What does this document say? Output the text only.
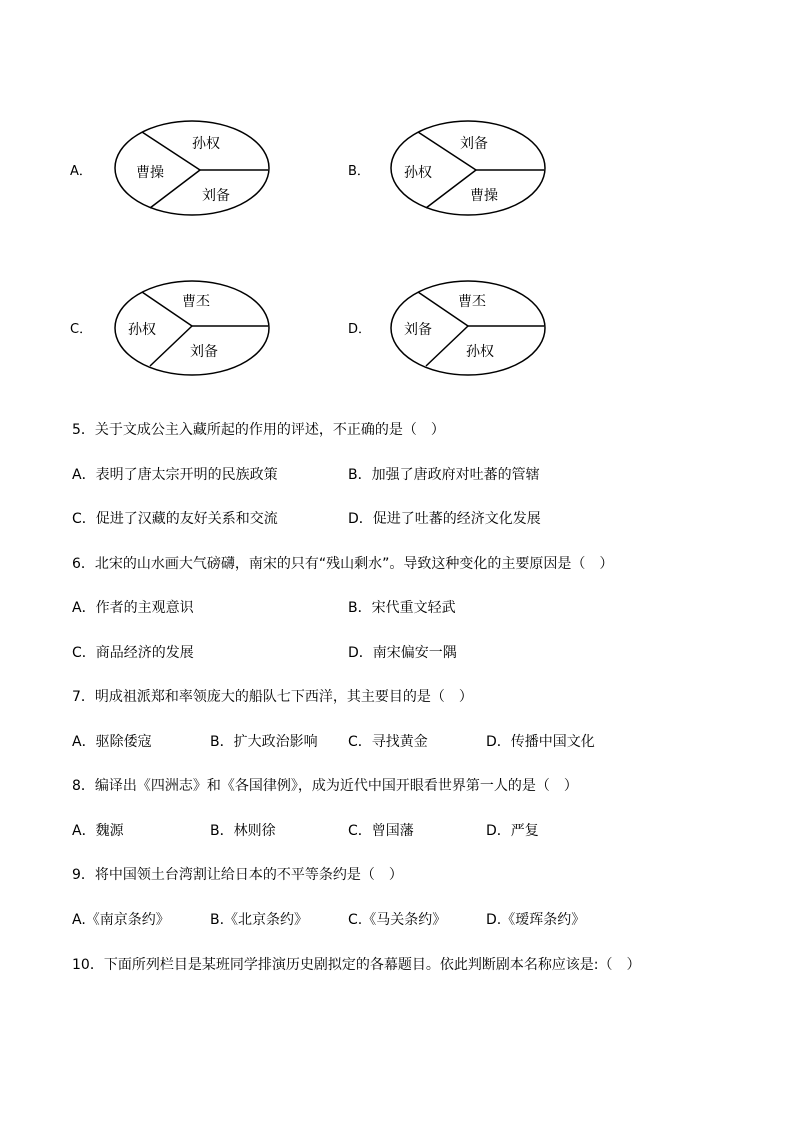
A．	曹操
孙权
刘备
B． 孙权
刘备
曹操
C．	孙权
曹丕
刘备
D． 刘备
曹丕
孙权
5．关于文成公主入藏所起的作用的评述，不正确的是（　）
A．表明了唐太宗开明的民族政策	B．加强了唐政府对吐蕃的管辖
C．促进了汉藏的友好关系和交流	D．促进了吐蕃的经济文化发展
6．北宋的山水画大气磅礴，南宋的只有“残山剩水”。导致这种变化的主要原因是（　）
A．作者的主观意识	B．宋代重文轻武
C．商品经济的发展	D．南宋偏安一隅
7．明成祖派郑和率领庞大的船队七下西洋，其主要目的是（　）
A．驱除倭寇	B．扩大政治影响 C．寻找黄金	D．传播中国文化
8．编译出《四洲志》和《各国律例》，成为近代中国开眼看世界第一人的是（　）
A．魏源	B．林则徐	C．曾国藩	D．严复
9．将中国领土台湾割让给日本的不平等条约是（　）
A.《南京条约》	B.《北京条约》	C.《马关条约》	D.《瑷珲条约》
10．下面所列栏目是某班同学排演历史剧拟定的各幕题目。依此判断剧本名称应该是:（　）
